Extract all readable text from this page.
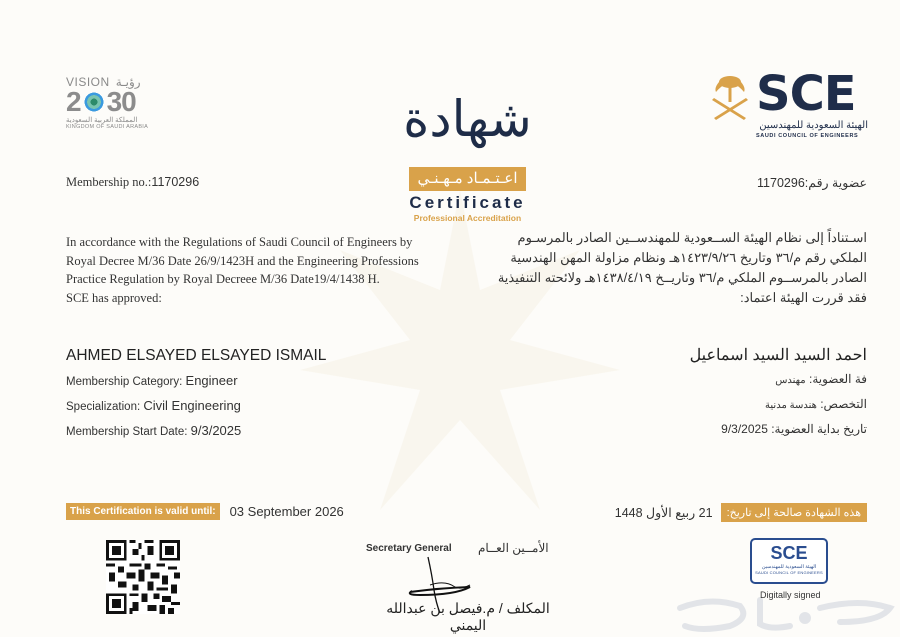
VISION رؤيـة
2 30
المملكة العربية السعودية
KINGDOM OF SAUDI ARABIA
SCE
الهيئة السعودية للمهندسين
SAUDI COUNCIL OF ENGINEERS
شهادة
اعـتـمـاد مـهـنـي
Certificate
Professional Accreditation
Membership no.:1170296	عضوية رقم:1170296
In accordance with the Regulations of Saudi Council of Engineers by
Royal Decree M/36 Date 26/9/1423H and the Engineering Professions
Practice Regulation by Royal Decreee M/36 Date19/4/1438 H.
SCE has approved:
اسـتناداً إلى نظام الهيئة الســعودية للمهندســين الصادر بالمرسـوم
الملكي رقم م/٣٦ وتاريخ ١٤٢٣/٩/٢٦هـ ونظام مزاولة المهن الهندسية
الصادر بالمرســوم الملكي م/٣٦ وتاريــخ ١٤٣٨/٤/١٩هـ ولائحته التنفيذية
فقد قررت الهيئة اعتماد:
AHMED ELSAYED ELSAYED ISMAIL
Membership Category: Engineer
Specialization: Civil Engineering
Membership Start Date: 9/3/2025
احمد السيد السيد اسماعيل
فة العضوية: مهندس
التخصص: هندسة مدنية
تاريخ بداية العضوية: 9/3/2025
This Certification is valid until:	03 September 2026	هذه الشهادة صالحة إلى تاريخ:
21 ربيع الأول 1448
Secretary General الأمــين العــام
المكلف / م.فيصل بن عبدالله اليمني
SCE
الهيئة السعودية للمهندسين
SAUDI COUNCIL OF ENGINEERS
Digitally signed
